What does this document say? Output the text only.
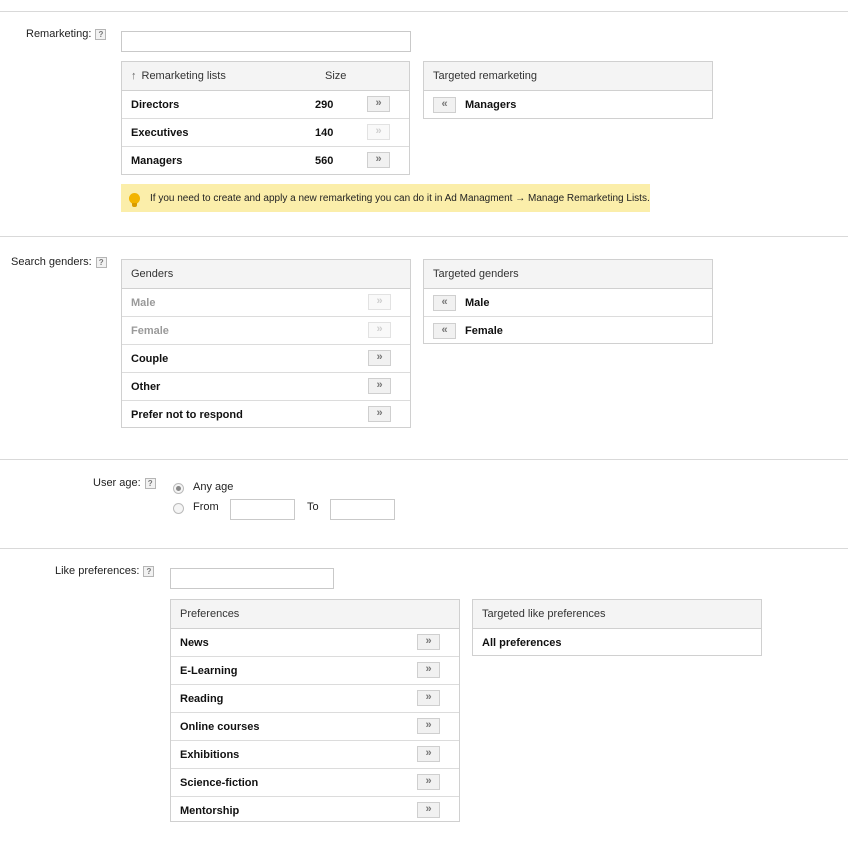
Remarketing: ?
↑ Remarketing lists	Size
Directors	290	»
Executives	140	»
Managers	560	»
Targeted remarketing
«	Managers
If you need to create and apply a new remarketing you can do it in Ad Managment → Manage Remarketing Lists.
Search genders: ?
Genders
Male	»
Female	»
Couple	»
Other	»
Prefer not to respond	»
Targeted genders
«	Male
«	Female
User age: ?	Any age
From	To
Like preferences: ?
Preferences
News	»
E-Learning	»
Reading	»
Online courses	»
Exhibitions	»
Science-fiction	»
Mentorship	»
Targeted like preferences
All preferences
